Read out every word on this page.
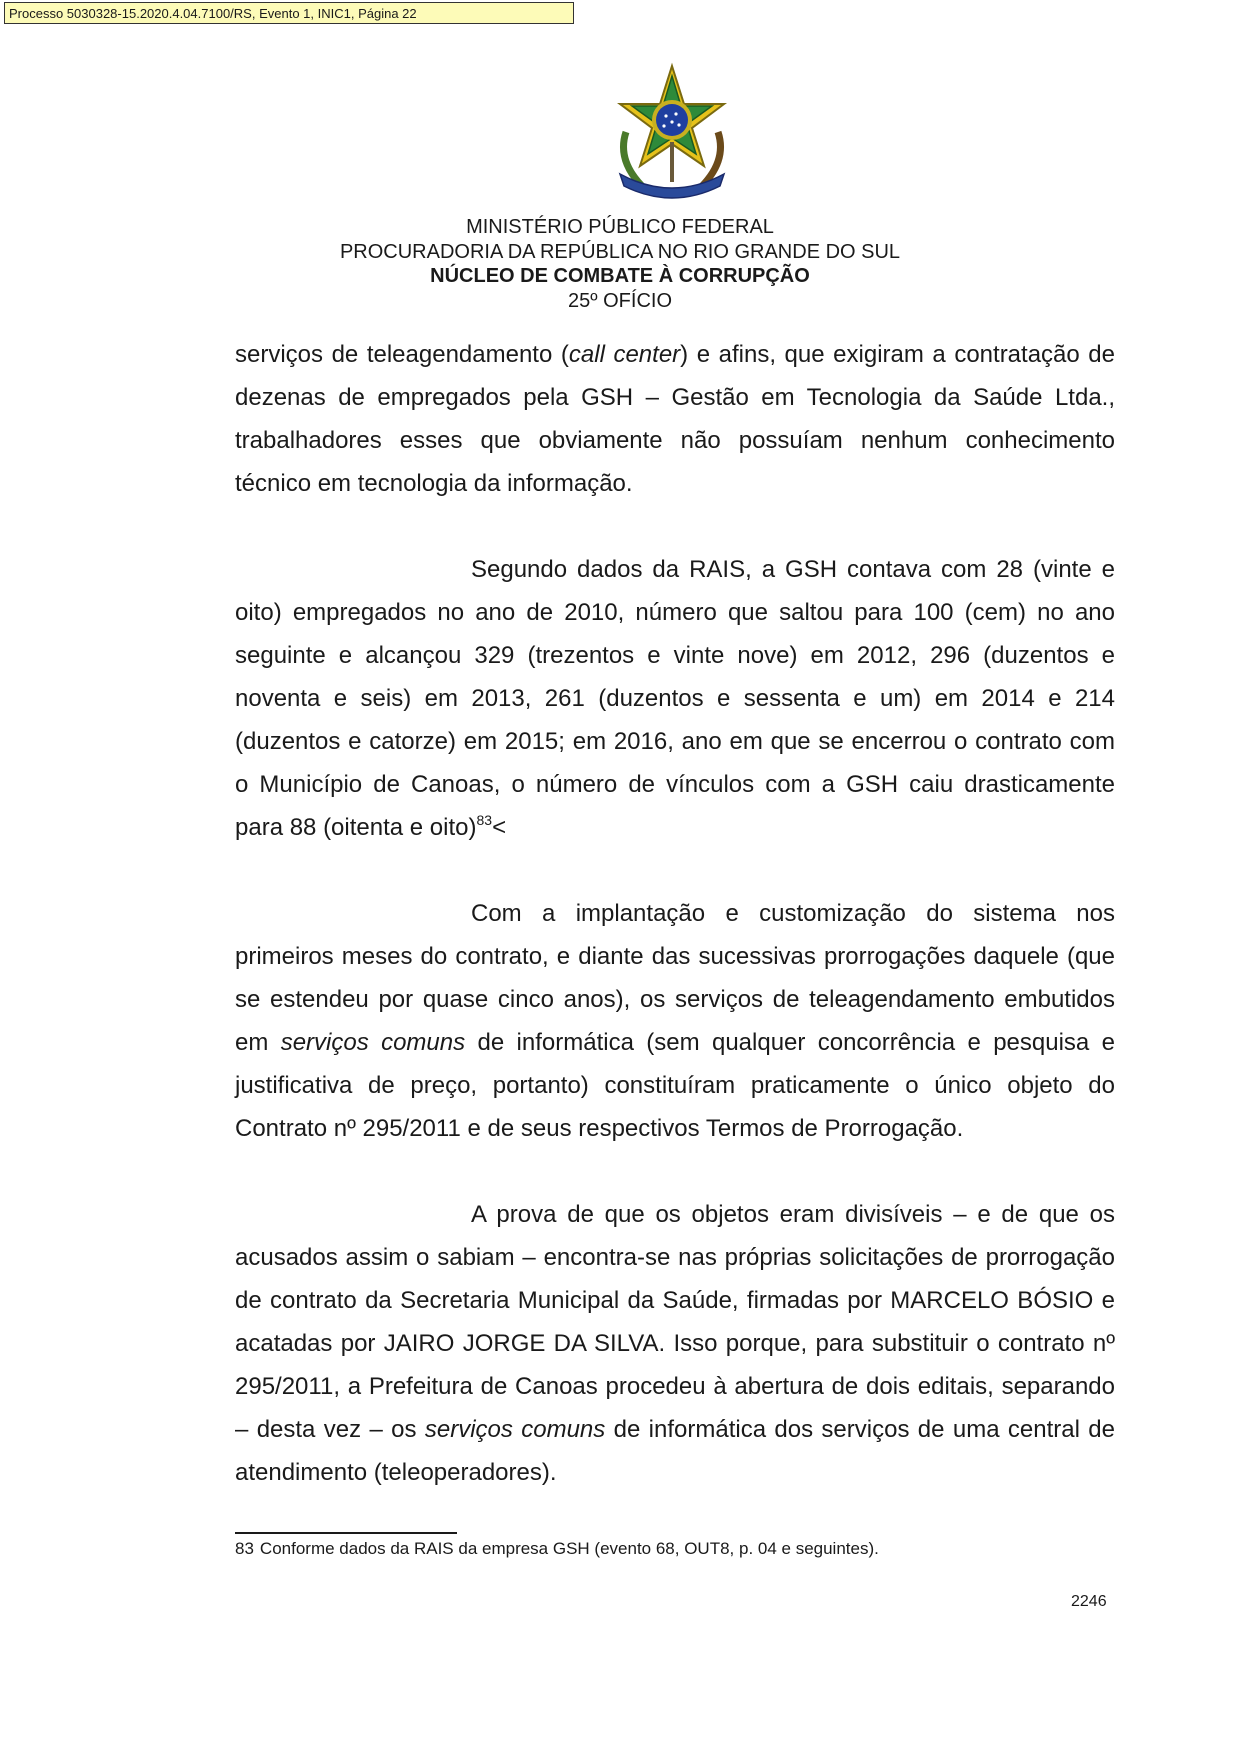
Processo 5030328-15.2020.4.04.7100/RS, Evento 1, INIC1, Página 22
MINISTÉRIO PÚBLICO FEDERAL
PROCURADORIA DA REPÚBLICA NO RIO GRANDE DO SUL
NÚCLEO DE COMBATE À CORRUPÇÃO
25º OFÍCIO

serviços de teleagendamento (call center) e afins, que exigiram a contratação de dezenas de empregados pela GSH – Gestão em Tecnologia da Saúde Ltda., trabalhadores esses que obviamente não possuíam nenhum conhecimento técnico em tecnologia da informação.

Segundo dados da RAIS, a GSH contava com 28 (vinte e oito) empregados no ano de 2010, número que saltou para 100 (cem) no ano seguinte e alcançou 329 (trezentos e vinte nove) em 2012, 296 (duzentos e noventa e seis) em 2013, 261 (duzentos e sessenta e um) em 2014 e 214 (duzentos e catorze) em 2015; em 2016, ano em que se encerrou o contrato com o Município de Canoas, o número de vínculos com a GSH caiu drasticamente para 88 (oitenta e oito)$^{83}$<

Com a implantação e customização do sistema nos primeiros meses do contrato, e diante das sucessivas prorrogações daquele (que se estendeu por quase cinco anos), os serviços de teleagendamento embutidos em serviços comuns de informática (sem qualquer concorrência e pesquisa e justificativa de preço, portanto) constituíram praticamente o único objeto do Contrato nº 295/2011 e de seus respectivos Termos de Prorrogação.

A prova de que os objetos eram divisíveis – e de que os acusados assim o sabiam – encontra-se nas próprias solicitações de prorrogação de contrato da Secretaria Municipal da Saúde, firmadas por MARCELO BÓSIO e acatadas por JAIRO JORGE DA SILVA. Isso porque, para substituir o contrato nº 295/2011, a Prefeitura de Canoas procedeu à abertura de dois editais, separando – desta vez – os serviços comuns de informática dos serviços de uma central de atendimento (teleoperadores).

83 Conforme dados da RAIS da empresa GSH (evento 68, OUT8, p. 04 e seguintes).
2246
